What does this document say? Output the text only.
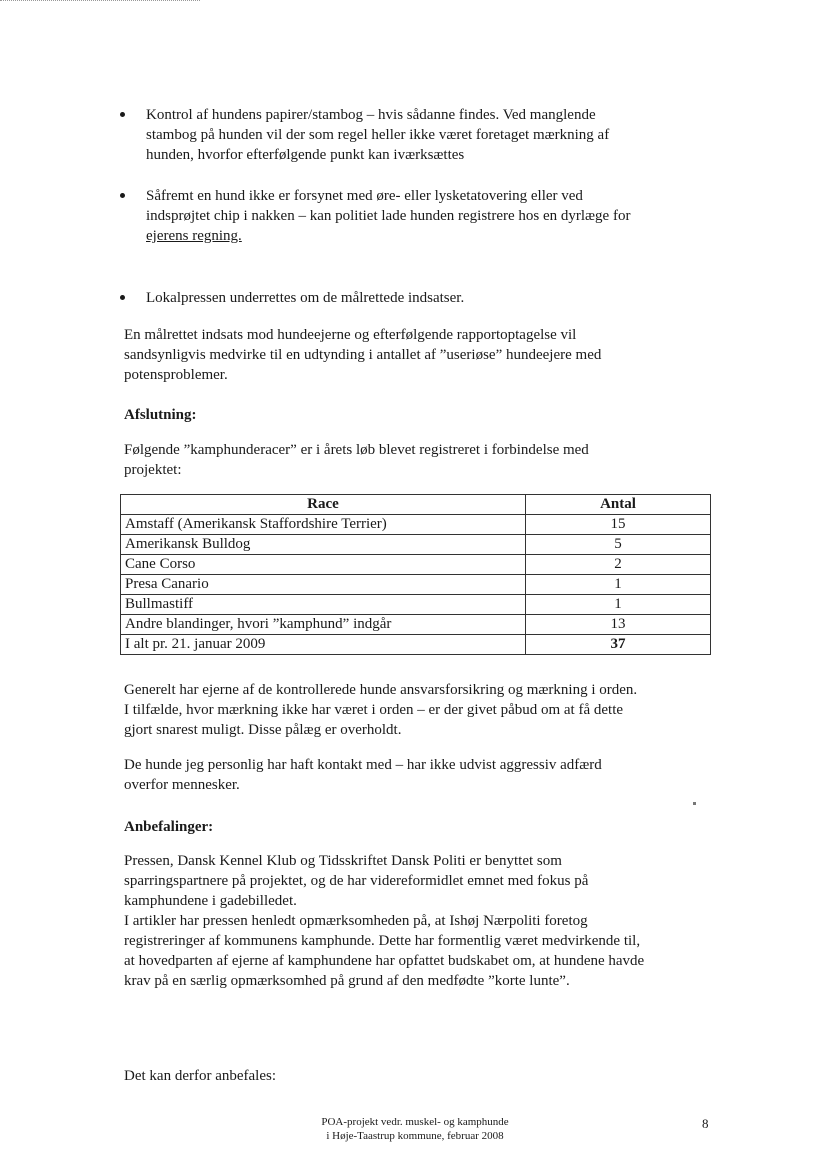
Kontrol af hundens papirer/stambog – hvis sådanne findes. Ved manglende
stambog på hunden vil der som regel heller ikke været foretaget mærkning af
hunden, hvorfor efterfølgende punkt kan iværksættes
Såfremt en hund ikke er forsynet med øre- eller lysketatovering eller ved
indsprøjtet chip i nakken – kan politiet lade hunden registrere hos en dyrlæge for
ejerens regning.
Lokalpressen underrettes om de målrettede indsatser.
En målrettet indsats mod hundeejerne og efterfølgende rapportoptagelse vil
sandsynligvis medvirke til en udtynding i antallet af ”useriøse” hundeejere med
potensproblemer.
Afslutning:
Følgende ”kamphunderacer” er i årets løb blevet registreret i forbindelse med
projektet:
Race	Antal
Amstaff (Amerikansk Staffordshire Terrier)	15
Amerikansk Bulldog	5
Cane Corso	2
Presa Canario	1
Bullmastiff	1
Andre blandinger, hvori ”kamphund” indgår	13
I alt pr. 21. januar 2009	37
Generelt har ejerne af de kontrollerede hunde ansvarsforsikring og mærkning i orden.
I tilfælde, hvor mærkning ikke har været i orden – er der givet påbud om at få dette
gjort snarest muligt. Disse pålæg er overholdt.
De hunde jeg personlig har haft kontakt med – har ikke udvist aggressiv adfærd
overfor mennesker.
Anbefalinger:
Pressen, Dansk Kennel Klub og Tidsskriftet Dansk Politi er benyttet som
sparringspartnere på projektet, og de har videreformidlet emnet med fokus på
kamphundene i gadebilledet.
I artikler har pressen henledt opmærksomheden på, at Ishøj Nærpoliti foretog
registreringer af kommunens kamphunde. Dette har formentlig været medvirkende til,
at hovedparten af ejerne af kamphundene har opfattet budskabet om, at hundene havde
krav på en særlig opmærksomhed på grund af den medfødte ”korte lunte”.
Det kan derfor anbefales:
POA-projekt vedr. muskel- og kamphunde
i Høje-Taastrup kommune, februar 2008
8
